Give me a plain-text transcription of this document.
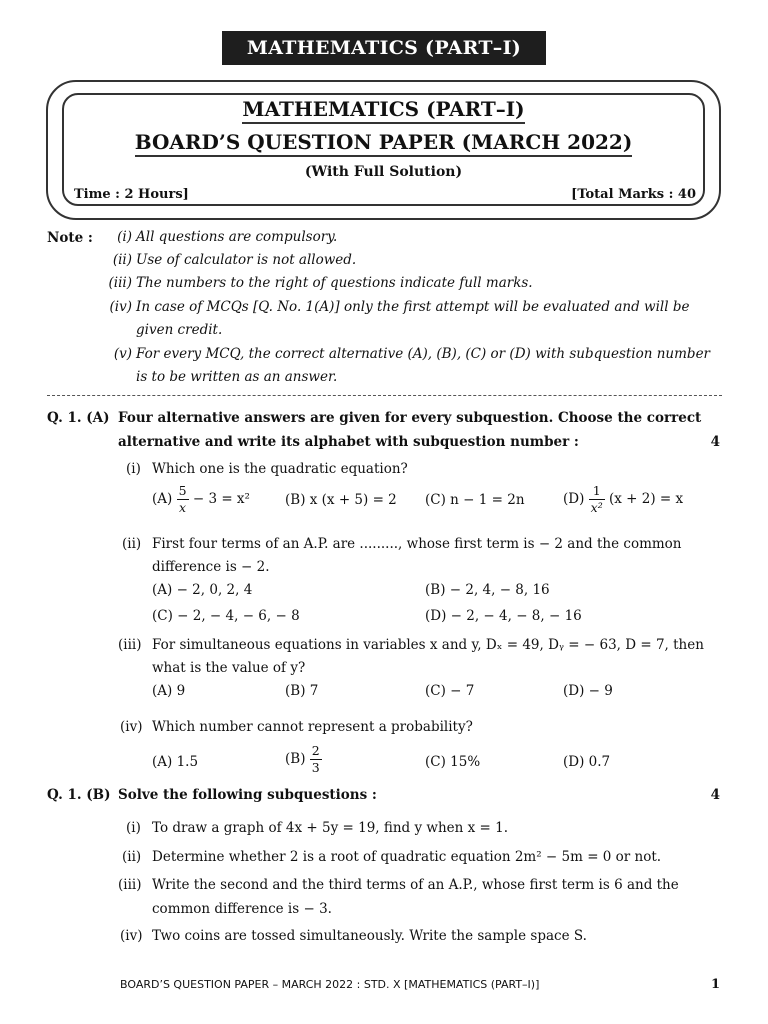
MATHEMATICS (PART–I)
MATHEMATICS (PART–I)
BOARD’S QUESTION PAPER (MARCH 2022)
(With Full Solution)
Time : 2 Hours]	[Total Marks : 40
Note :	(i) All questions are compulsory.
(ii) Use of calculator is not allowed.
(iii) The numbers to the right of questions indicate full marks.
(iv) In case of MCQs [Q. No. 1(A)] only the first attempt will be evaluated and will be given credit.
(v) For every MCQ, the correct alternative (A), (B), (C) or (D) with subquestion number is to be written as an answer.
Q. 1. (A) Four alternative answers are given for every subquestion. Choose the correct
alternative and write its alphabet with subquestion number :	4
(i) Which one is the quadratic equation?
$(A) \frac{5}{x} - 3 = x^2$	(B) x (x + 5) = 2 (C) n − 1 = 2n	$(D) \frac{1}{\text{x²}} (x + 2) = x$
(ii) First four terms of an A.P. are ........., whose first term is − 2 and the common
difference is − 2.
(A) − 2, 0, 2, 4	(B) − 2, 4, − 8, 16
(C) − 2, − 4, − 6, − 8	(D) − 2, − 4, − 8, − 16
(iii) For simultaneous equations in variables x and y, Dₓ = 49, Dᵧ = − 63, D = 7, then
what is the value of y?
(A) 9	(B) 7	(C) − 7	(D) − 9
(iv) Which number cannot represent a probability?
(A) 1.5	$(B) \frac{2}{3}$	(C) 15%	(D) 0.7
Q. 1. (B) Solve the following subquestions :	4
(i) To draw a graph of 4x + 5y = 19, find y when x = 1.
(ii) Determine whether 2 is a root of quadratic equation 2m² − 5m = 0 or not.
(iii) Write the second and the third terms of an A.P., whose first term is 6 and the
common difference is − 3.
(iv) Two coins are tossed simultaneously. Write the sample space S.
BOARD’S QUESTION PAPER – MARCH 2022 : STD. X [MATHEMATICS (PART–I)]	1
